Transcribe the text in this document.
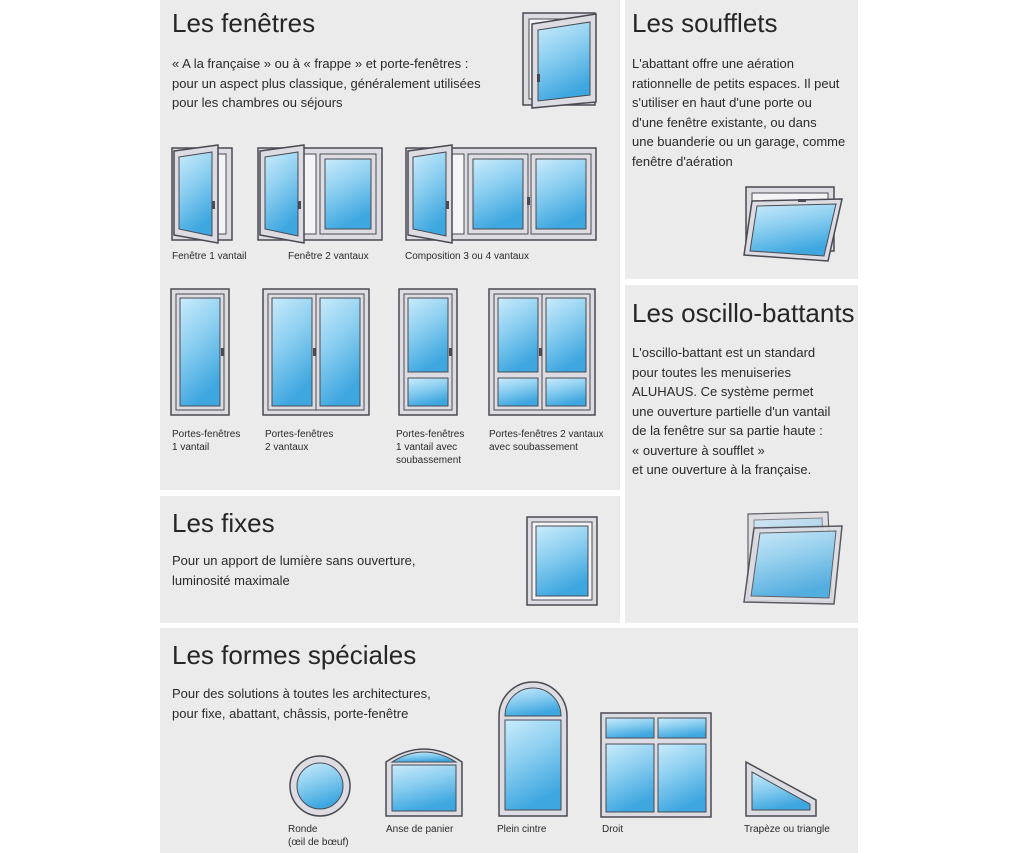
Les fenêtres	Les soufflets
Les oscillo-battants
Les fixes
Les formes spéciales
« A la française » ou à « frappe » et porte-fenêtres :
pour un aspect plus classique, généralement utilisées
pour les chambres ou séjours
L'abattant offre une aération
rationnelle de petits espaces. Il peut
s'utiliser en haut d'une porte ou
d'une fenêtre existante, ou dans
une buanderie ou un garage, comme
fenêtre d'aération
L'oscillo-battant est un standard
pour toutes les menuiseries
ALUHAUS. Ce système permet
une ouverture partielle d'un vantail
de la fenêtre sur sa partie haute :
« ouverture à soufflet »
et une ouverture à la française.
Pour un apport de lumière sans ouverture,
luminosité maximale
Pour des solutions à toutes les architectures,
pour fixe, abattant, châssis, porte-fenêtre
Fenêtre 1 vantail	Fenêtre 2 vantaux	Composition 3 ou 4 vantaux
Portes-fenêtres
1 vantail
Portes-fenêtres
2 vantaux
Portes-fenêtres
1 vantail avec
soubassement
Portes-fenêtres 2 vantaux
avec soubassement
Ronde
(œil de bœuf)
Anse de panier	Plein cintre	Droit	Trapèze ou triangle
